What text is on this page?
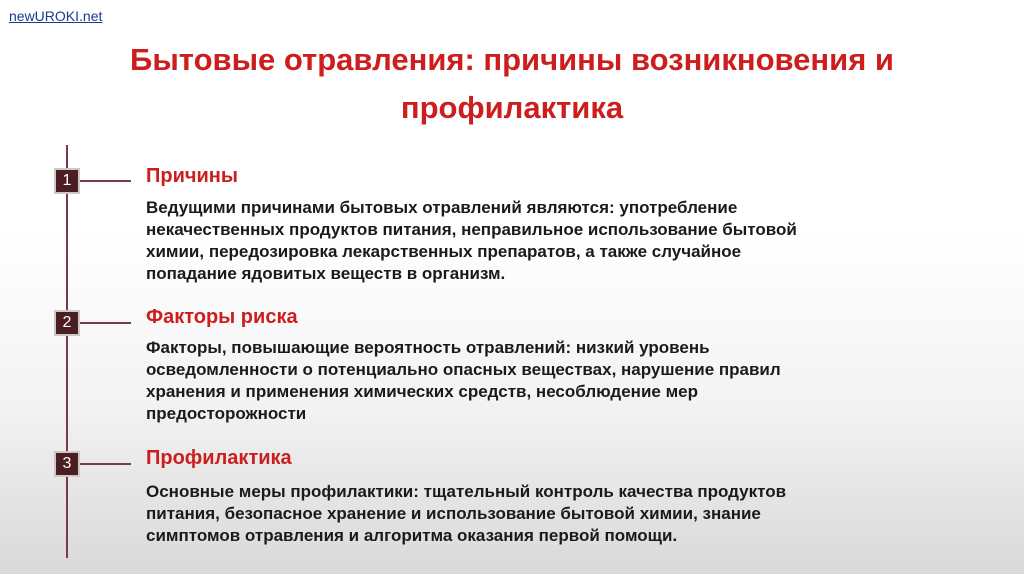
newUROKI.net
Бытовые отравления: причины возникновения и профилактика
1	Причины
Ведущими причинами бытовых отравлений являются: употребление
некачественных продуктов питания, неправильное использование бытовой
химии, передозировка лекарственных препаратов, а также случайное
попадание ядовитых веществ в организм.
2	Факторы риска
Факторы, повышающие вероятность отравлений: низкий уровень
осведомленности о потенциально опасных веществах, нарушение правил
хранения и применения химических средств, несоблюдение мер
предосторожности
3	Профилактика
Основные меры профилактики: тщательный контроль качества продуктов
питания, безопасное хранение и использование бытовой химии, знание
симптомов отравления и алгоритма оказания первой помощи.
